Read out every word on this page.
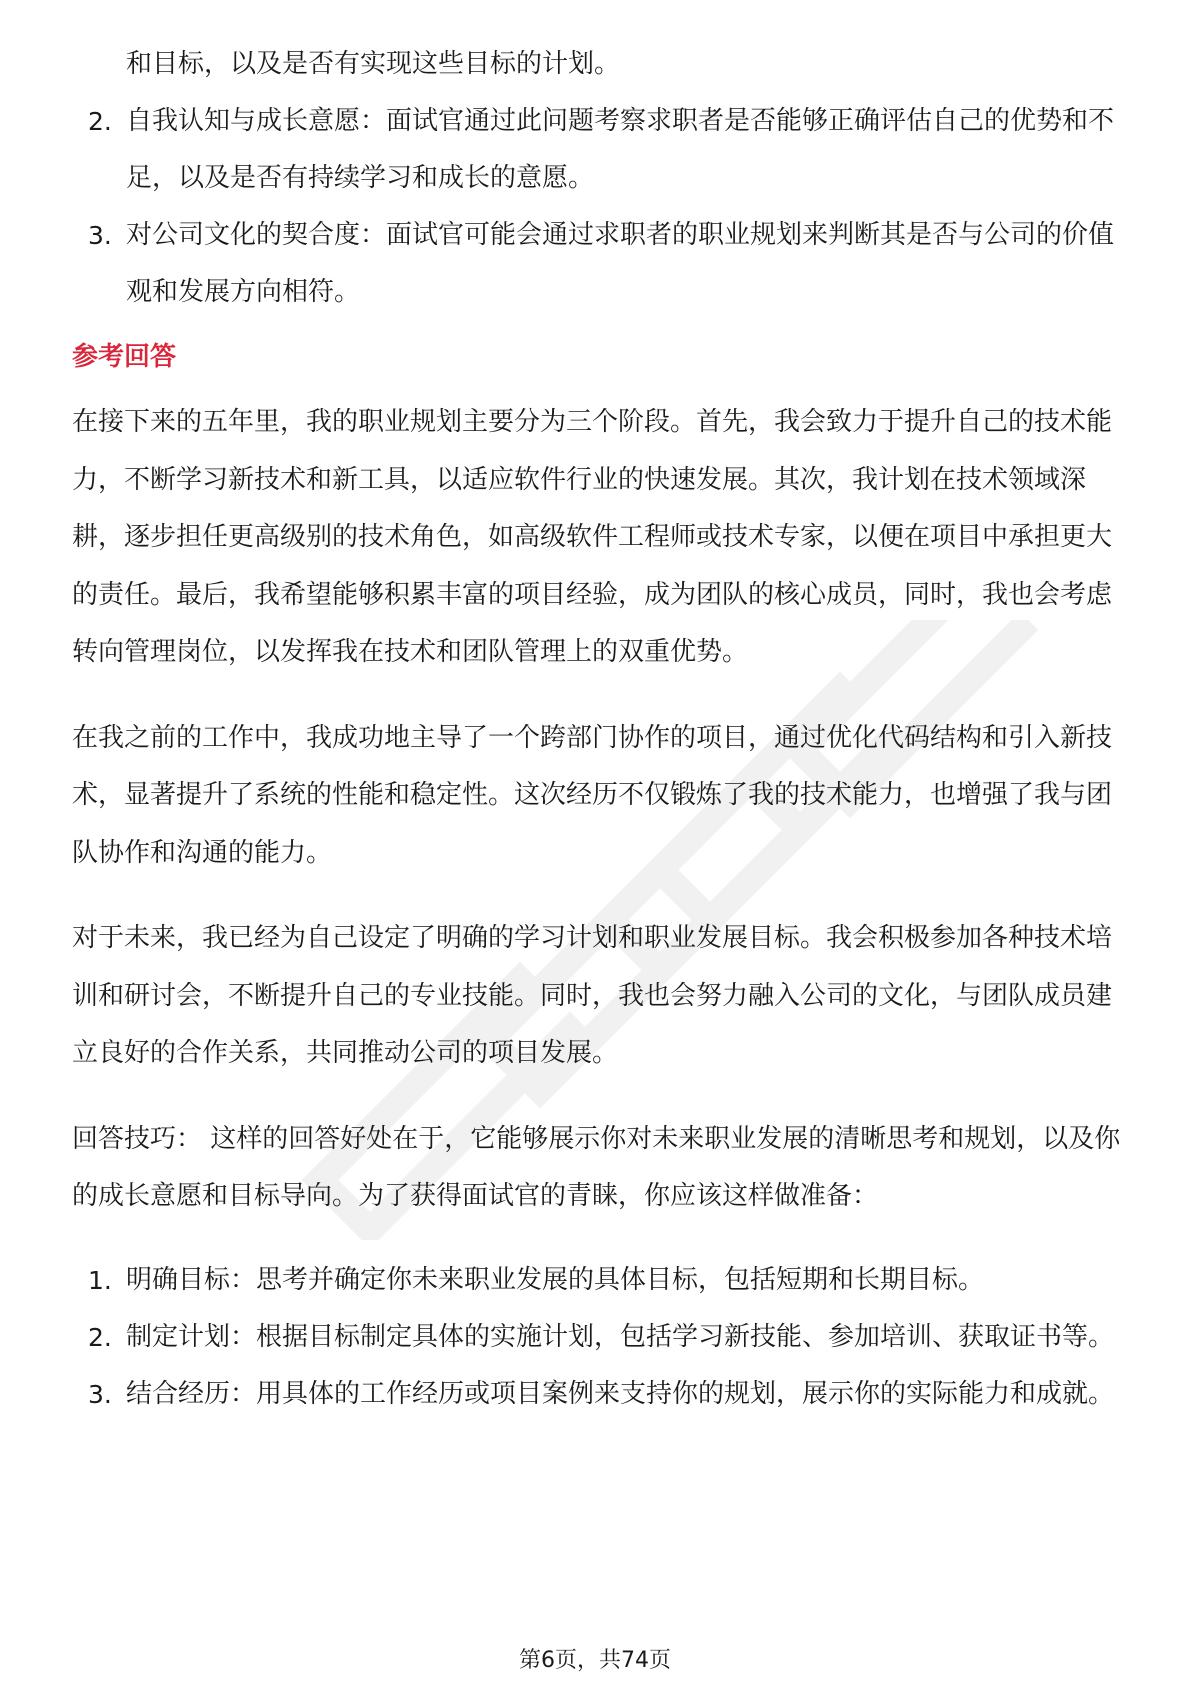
和目标，以及是否有实现这些目标的计划。
2. 自我认知与成长意愿：面试官通过此问题考察求职者是否能够正确评估自己的优势和不足，以及是否有持续学习和成长的意愿。
3. 对公司文化的契合度：面试官可能会通过求职者的职业规划来判断其是否与公司的价值观和发展方向相符。
参考回答

在接下来的五年里，我的职业规划主要分为三个阶段。首先，我会致力于提升自己的技术能力，不断学习新技术和新工具，以适应软件行业的快速发展。其次，我计划在技术领域深耕，逐步担任更高级别的技术角色，如高级软件工程师或技术专家，以便在项目中承担更大的责任。最后，我希望能够积累丰富的项目经验，成为团队的核心成员，同时，我也会考虑转向管理岗位，以发挥我在技术和团队管理上的双重优势。

在我之前的工作中，我成功地主导了一个跨部门协作的项目，通过优化代码结构和引入新技术，显著提升了系统的性能和稳定性。这次经历不仅锻炼了我的技术能力，也增强了我与团队协作和沟通的能力。

对于未来，我已经为自己设定了明确的学习计划和职业发展目标。我会积极参加各种技术培训和研讨会，不断提升自己的专业技能。同时，我也会努力融入公司的文化，与团队成员建立良好的合作关系，共同推动公司的项目发展。

回答技巧： 这样的回答好处在于，它能够展示你对未来职业发展的清晰思考和规划，以及你的成长意愿和目标导向。为了获得面试官的青睐，你应该这样做准备：

1. 明确目标：思考并确定你未来职业发展的具体目标，包括短期和长期目标。
2. 制定计划：根据目标制定具体的实施计划，包括学习新技能、参加培训、获取证书等。
3. 结合经历：用具体的工作经历或项目案例来支持你的规划，展示你的实际能力和成就。
第6页，共74页
